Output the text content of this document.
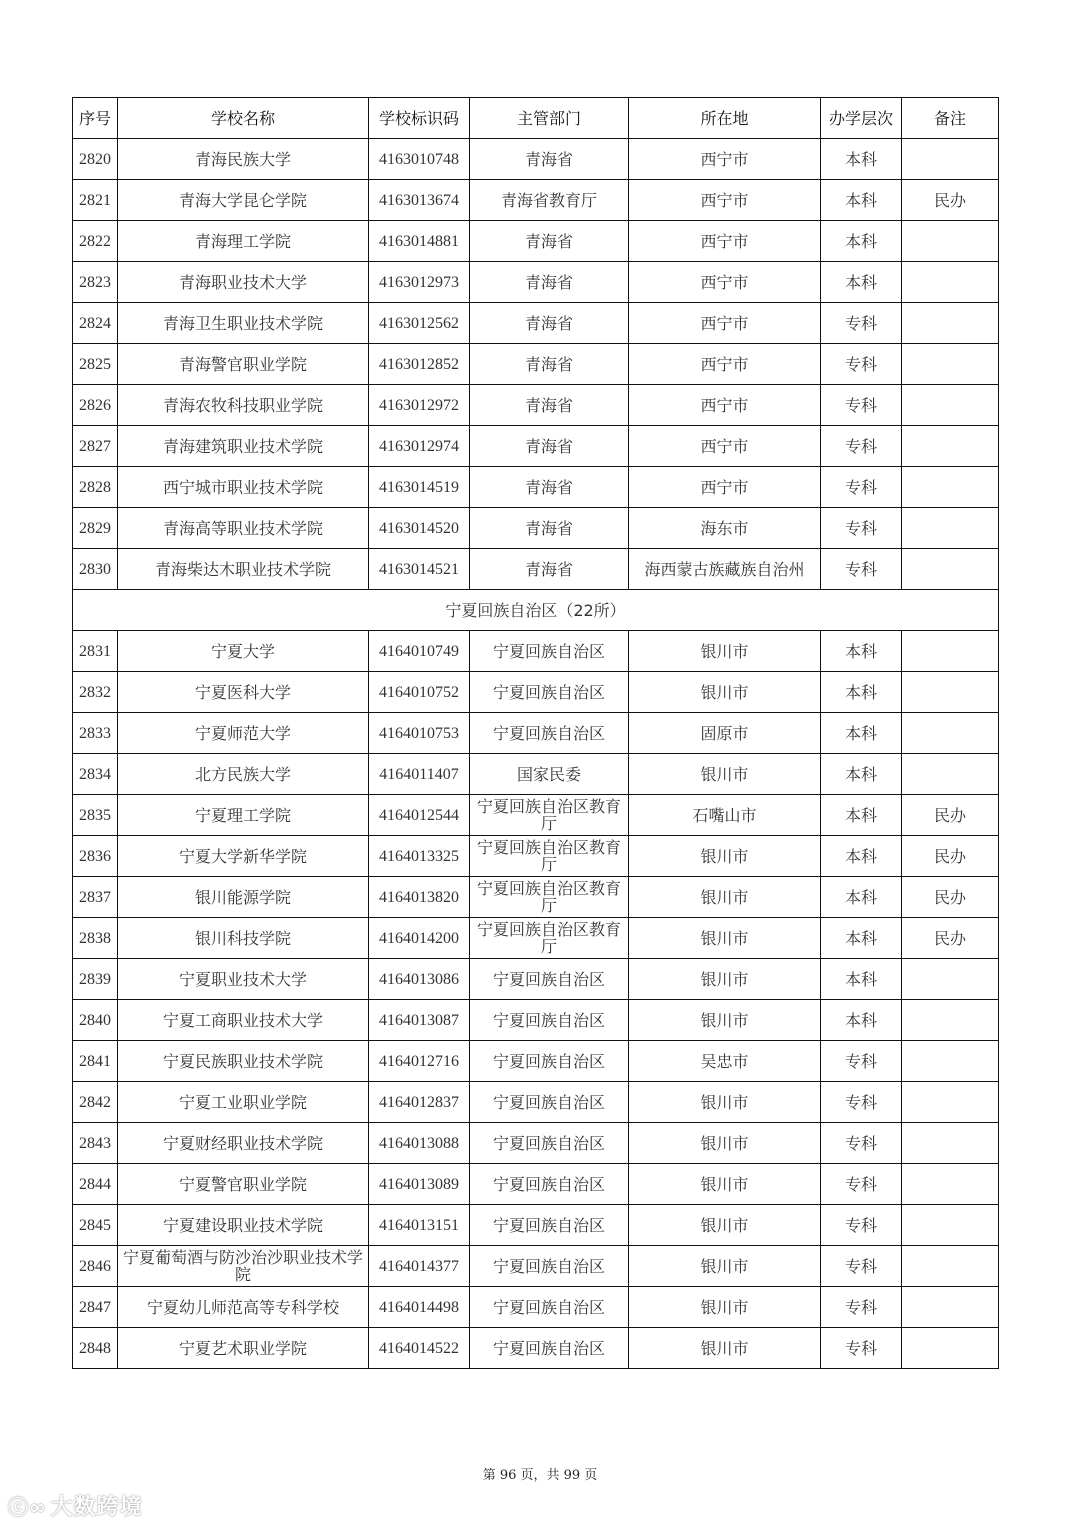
序号	学校名称	学校标识码	主管部门	所在地	办学层次	备注
2820	青海民族大学	4163010748	青海省	西宁市	本科	
2821	青海大学昆仑学院	4163013674	青海省教育厅	西宁市	本科	民办
2822	青海理工学院	4163014881	青海省	西宁市	本科	
2823	青海职业技术大学	4163012973	青海省	西宁市	本科	
2824	青海卫生职业技术学院	4163012562	青海省	西宁市	专科	
2825	青海警官职业学院	4163012852	青海省	西宁市	专科	
2826	青海农牧科技职业学院	4163012972	青海省	西宁市	专科	
2827	青海建筑职业技术学院	4163012974	青海省	西宁市	专科	
2828	西宁城市职业技术学院	4163014519	青海省	西宁市	专科	
2829	青海高等职业技术学院	4163014520	青海省	海东市	专科	
2830	青海柴达木职业技术学院	4163014521	青海省	海西蒙古族藏族自治州	专科	
宁夏回族自治区（22所）						
2831	宁夏大学	4164010749	宁夏回族自治区	银川市	本科	
2832	宁夏医科大学	4164010752	宁夏回族自治区	银川市	本科	
2833	宁夏师范大学	4164010753	宁夏回族自治区	固原市	本科	
2834	北方民族大学	4164011407	国家民委	银川市	本科	
2835	宁夏理工学院	4164012544	宁夏回族自治区教育厅	石嘴山市	本科	民办
2836	宁夏大学新华学院	4164013325	宁夏回族自治区教育厅	银川市	本科	民办
2837	银川能源学院	4164013820	宁夏回族自治区教育厅	银川市	本科	民办
2838	银川科技学院	4164014200	宁夏回族自治区教育厅	银川市	本科	民办
2839	宁夏职业技术大学	4164013086	宁夏回族自治区	银川市	本科	
2840	宁夏工商职业技术大学	4164013087	宁夏回族自治区	银川市	本科	
2841	宁夏民族职业技术学院	4164012716	宁夏回族自治区	吴忠市	专科	
2842	宁夏工业职业学院	4164012837	宁夏回族自治区	银川市	专科	
2843	宁夏财经职业技术学院	4164013088	宁夏回族自治区	银川市	专科	
2844	宁夏警官职业学院	4164013089	宁夏回族自治区	银川市	专科	
2845	宁夏建设职业技术学院	4164013151	宁夏回族自治区	银川市	专科	
2846	宁夏葡萄酒与防沙治沙职业技术学院	4164014377	宁夏回族自治区	银川市	专科	
2847	宁夏幼儿师范高等专科学校	4164014498	宁夏回族自治区	银川市	专科	
2848	宁夏艺术职业学院	4164014522	宁夏回族自治区	银川市	专科	
第 96 页，共 99 页
ⓒ∞ 大数跨境
